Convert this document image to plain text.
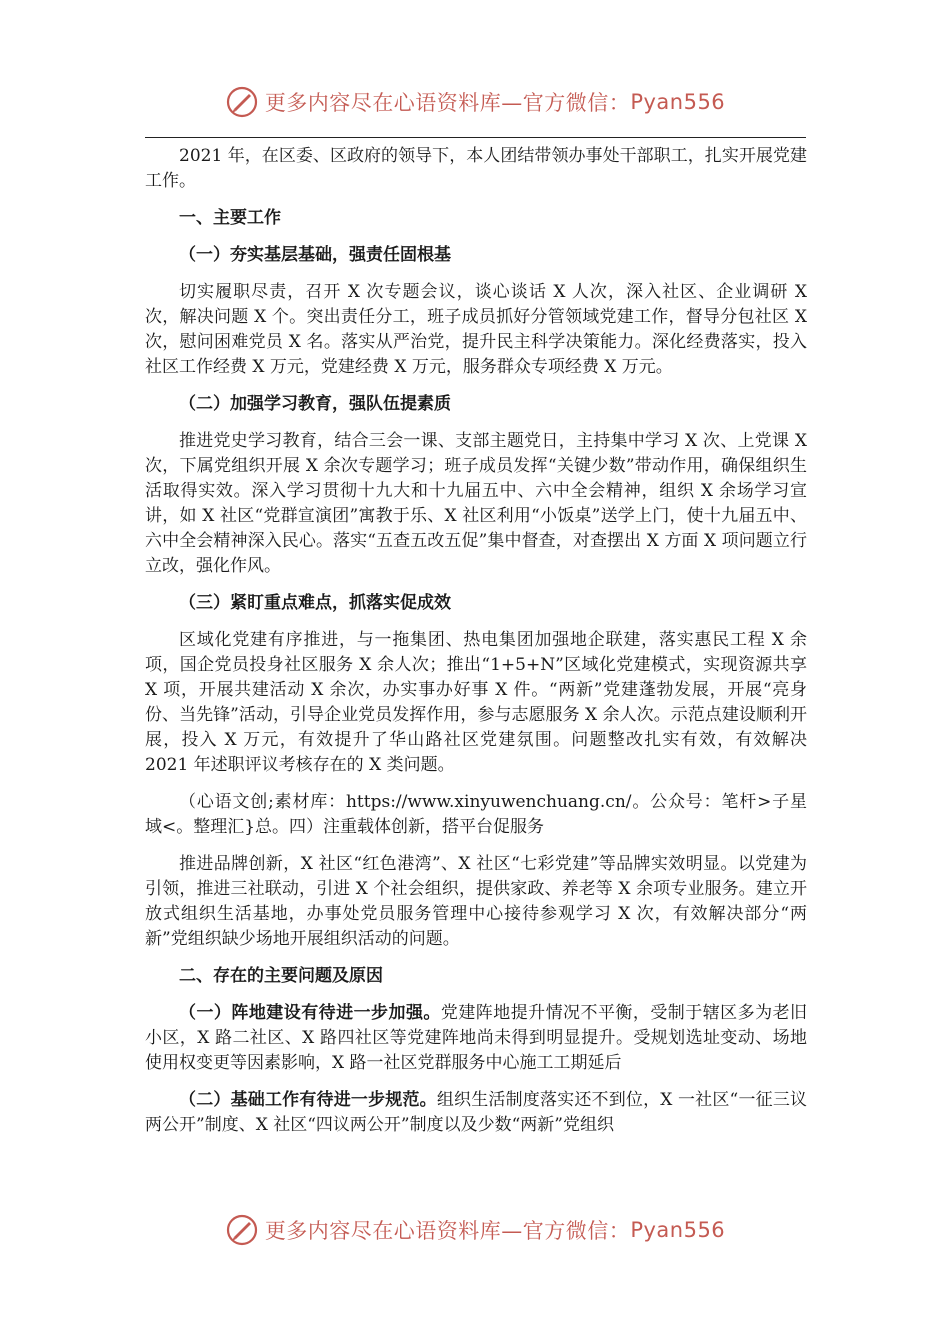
更多内容尽在心语资料库—官方微信： Pyan556

2021 年，在区委、区政府的领导下，本人团结带领办事处干部职工，扎实开展党建工作。

一、主要工作

（一）夯实基层基础，强责任固根基

切实履职尽责，召开 X 次专题会议，谈心谈话 X 人次，深入社区、企业调研 X 次，解决问题 X 个。突出责任分工，班子成员抓好分管领域党建工作，督导分包社区 X 次，慰问困难党员 X 名。落实从严治党，提升民主科学决策能力。深化经费落实，投入社区工作经费 X 万元，党建经费 X 万元，服务群众专项经费 X 万元。

（二）加强学习教育，强队伍提素质

推进党史学习教育，结合三会一课、支部主题党日，主持集中学习 X 次、上党课 X 次，下属党组织开展 X 余次专题学习；班子成员发挥“关键少数”带动作用，确保组织生活取得实效。深入学习贯彻十九大和十九届五中、六中全会精神，组织 X 余场学习宣讲，如 X 社区“党群宣演团”寓教于乐、X 社区利用“小饭桌”送学上门，使十九届五中、六中全会精神深入民心。落实“五查五改五促”集中督查，对查摆出 X 方面 X 项问题立行立改，强化作风。

（三）紧盯重点难点，抓落实促成效

区域化党建有序推进，与一拖集团、热电集团加强地企联建，落实惠民工程 X 余项，国企党员投身社区服务 X 余人次；推出“1+5+N”区域化党建模式，实现资源共享 X 项，开展共建活动 X 余次，办实事办好事 X 件。“两新”党建蓬勃发展，开展“亮身份、当先锋”活动，引导企业党员发挥作用，参与志愿服务 X 余人次。示范点建设顺利开展，投入 X 万元，有效提升了华山路社区党建氛围。问题整改扎实有效，有效解决 2021 年述职评议考核存在的 X 类问题。

（心语文创;素材库：https://www.xinyuwenchuang.cn/。公众号：笔杆>子星域<。整理汇}总。四）注重载体创新，搭平台促服务

推进品牌创新，X 社区“红色港湾”、X 社区“七彩党建”等品牌实效明显。以党建为引领，推进三社联动，引进 X 个社会组织，提供家政、养老等 X 余项专业服务。建立开放式组织生活基地，办事处党员服务管理中心接待参观学习 X 次，有效解决部分“两新”党组织缺少场地开展组织活动的问题。

二、存在的主要问题及原因

（一）阵地建设有待进一步加强。党建阵地提升情况不平衡，受制于辖区多为老旧小区，X 路二社区、X 路四社区等党建阵地尚未得到明显提升。受规划选址变动、场地使用权变更等因素影响，X 路一社区党群服务中心施工工期延后

（二）基础工作有待进一步规范。组织生活制度落实还不到位，X 一社区“一征三议两公开”制度、X 社区“四议两公开”制度以及少数“两新”党组织

更多内容尽在心语资料库—官方微信： Pyan556
